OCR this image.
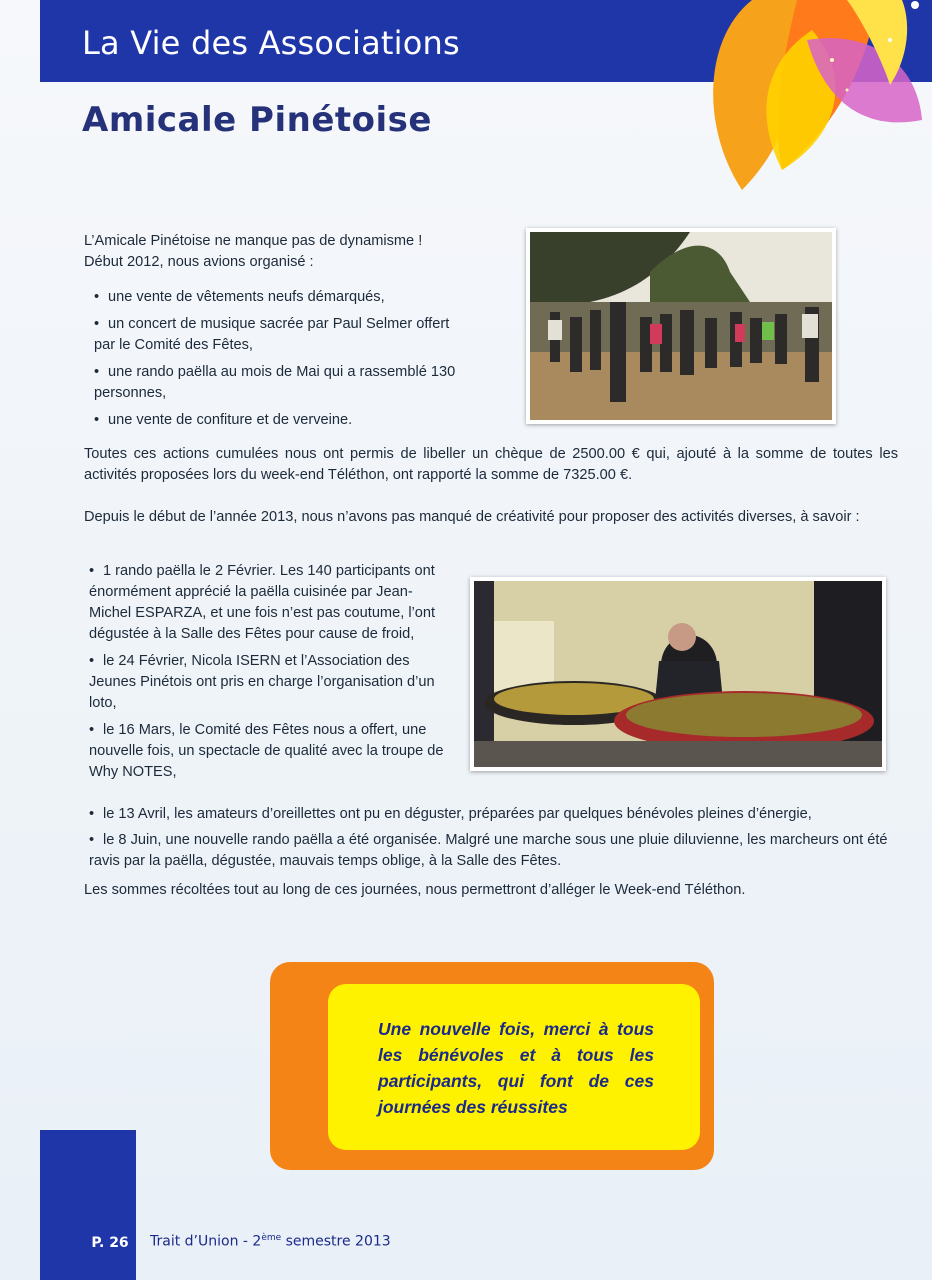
La Vie des Associations
Amicale Pinétoise

L’Amicale Pinétoise ne manque pas de dynamisme !

Début 2012, nous avions organisé :

• une vente de vêtements neufs démarqués,
• un concert de musique sacrée par Paul Selmer offert par le Comité des Fêtes,
• une rando paëlla au mois de Mai qui a rassemblé 130 personnes,
• une vente de confiture et de verveine.

Toutes ces actions cumulées nous ont permis de libeller un chèque de 2500.00 € qui, ajouté à la somme de toutes les activités proposées lors du week-end Téléthon, ont rapporté la somme de 7325.00 €.

Depuis le début de l’année 2013, nous n’avons pas manqué de créativité pour proposer des activités diverses, à savoir :

• 1 rando paëlla le 2 Février. Les 140 participants ont énormément apprécié la paëlla cuisinée par Jean-Michel ESPARZA, et une fois n’est pas coutume, l’ont dégustée à la Salle des Fêtes pour cause de froid,
• le 24 Février, Nicola ISERN et l’Association des Jeunes Pinétois ont pris en charge l’organisation d’un loto,
• le 16 Mars, le Comité des Fêtes nous a offert, une nouvelle fois, un spectacle de qualité avec la troupe de Why NOTES,
• le 13 Avril, les amateurs d’oreillettes ont pu en déguster, préparées par quelques bénévoles pleines d’énergie,
• le 8 Juin, une nouvelle rando paëlla a été organisée. Malgré une marche sous une pluie diluvienne, les marcheurs ont été ravis par la paëlla, dégustée, mauvais temps oblige, à la Salle des Fêtes.

Les sommes récoltées tout au long de ces journées, nous permettront d’alléger le Week-end Téléthon.

Une nouvelle fois, merci à tous les bénévoles et à tous les participants, qui font de ces journées des réussites
P. 26	Trait d’Union - 2ème semestre 2013
